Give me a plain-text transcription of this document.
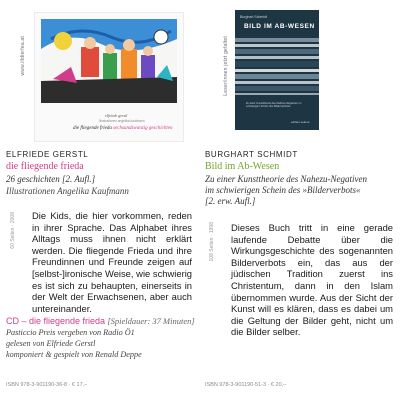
www.illdierfea.at
elfriede gerstl
illustrationen angelika kaufmann
die fliegende frieda sechsundzwanzig geschichten
ELFRIEDE GERSTL
die fliegende frieda
26 geschichten [2. Aufl.]
Illustrationen Angelika Kaufmann
60 Seiten · 2008 Die Kids, die hier vorkommen, reden in ihrer Sprache. Das Alphabet ihres Alltags muss ihnen nicht erklärt werden. Die fliegende Frieda und ihre Freundinnen und Freunde zeigen auf [selbst-]ironische Weise, wie schwierig es ist sich zu behaupten, einerseits in der Welt der Erwachsenen, aber auch untereinander.
CD – die fliegende frieda [Spieldauer: 37 Minuten]
Pasticcio Preis vergeben von Radio Ö1
gelesen von Elfriede Gerstl
komponiert & gespielt von Renald Deppe
ISBN 978-3-901190-36-8 · € 17,–
Leser/innen jetzt gefaltet
Burghart Schmidt
BILD IM AB-WESEN
Zu einer Kunsttheorie des Nahezu-Negativen im schwierigen Schein des Bilderverbotes
edition selene
BURGHART SCHMIDT
Bild im Ab-Wesen
Zu einer Kunsttheorie des Nahezu-Negativen
im schwierigen Schein des »Bilderverbots«
[2. erw. Aufl.]
108 Seiten · 1998 Dieses Buch tritt in eine gerade laufende Debatte über die Wirkungsgeschichte des sogenannten Bilderverbots ein, das aus der jüdischen Tradition zuerst ins Christentum, dann in den Islam übernommen wurde. Aus der Sicht der Kunst will es klären, dass es dabei um die Geltung der Bilder geht, nicht um die Bilder selber.
ISBN 978-3-901190-51-3 · € 20,–
